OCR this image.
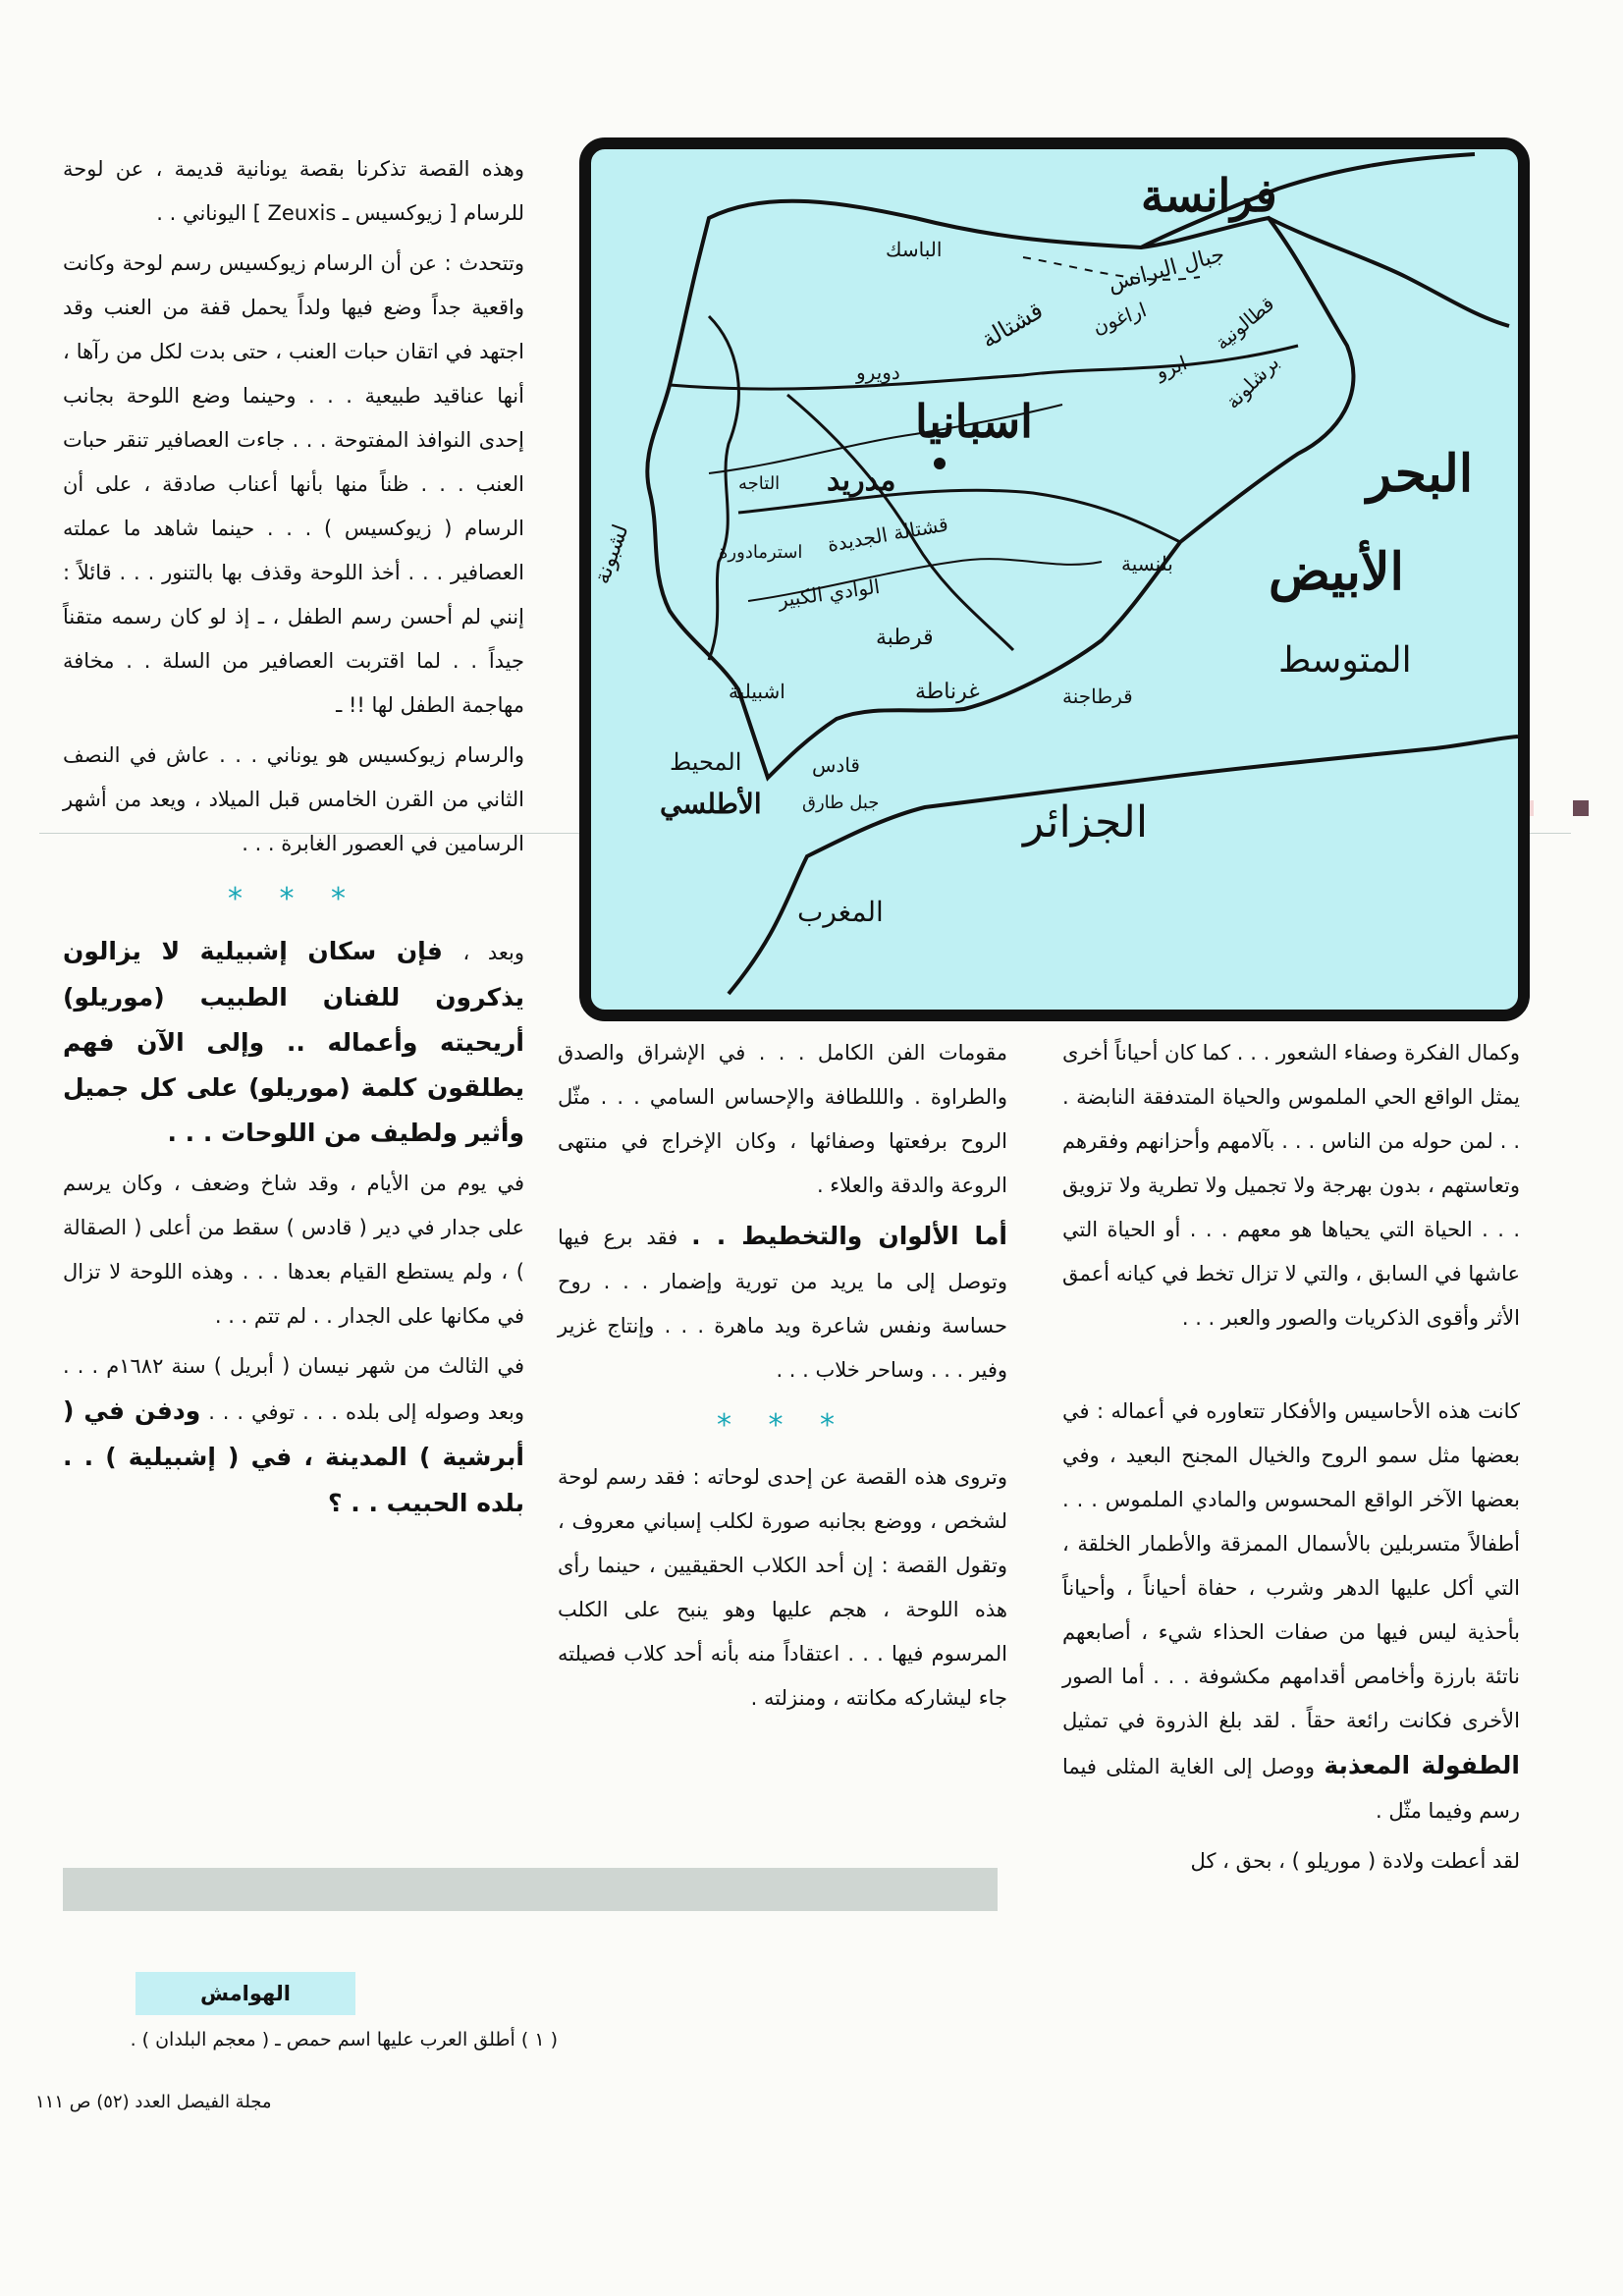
وهذه القصة تذكرنا بقصة يونانية قديمة ، عن لوحة للرسام [ زيوكسيس ـ Zeuxis ] اليوناني . .

وتتحدث : عن أن الرسام زيوكسيس رسم لوحة وكانت واقعية جداً وضع فيها ولداً يحمل قفة من العنب وقد اجتهد في اتقان حبات العنب ، حتى بدت لكل من رآها ، أنها عناقيد طبيعية . . . وحينما وضع اللوحة بجانب إحدى النوافذ المفتوحة . . . جاءت العصافير تنقر حبات العنب . . . ظناً منها بأنها أعناب صادقة ، على أن الرسام ( زيوكسيس ) . . . حينما شاهد ما عملته العصافير . . . أخذ اللوحة وقذف بها بالتنور . . . قائلاً : إنني لم أحسن رسم الطفل ، ـ إذ لو كان رسمه متقناً جيداً . . لما اقتربت العصافير من السلة . . مخافة مهاجمة الطفل لها !! ـ

والرسام زيوكسيس هو يوناني . . . عاش في النصف الثاني من القرن الخامس قبل الميلاد ، ويعد من أشهر الرسامين في العصور الغابرة . . .

* * *

وبعد ، فإن سكان إشبيلية لا يزالون يذكرون للفنان الطبيب (موريلو) أريحيته وأعماله .. وإلى الآن فهم يطلقون كلمة (موريلو) على كل جميل وأثير ولطيف من اللوحات . . .

في يوم من الأيام ، وقد شاخ وضعف ، وكان يرسم على جدار في دير ( قادس ) سقط من أعلى ( الصقالة ) ، ولم يستطع القيام بعدها . . . وهذه اللوحة لا تزال في مكانها على الجدار . . لم تتم . . .

في الثالث من شهر نيسان ( أبريل ) سنة ١٦٨٢م . . . وبعد وصوله إلى بلده . . . توفي . . . ودفن في ( أبرشية ) المدينة ، في ( إشبيلية ) . . بلده الحبيب . . ؟

فرانسة
جبال البرانس
الباسك
اراغون	قطالونية
برشلونة
قشتالة
ابرو
دويرو
اسبانيا
مدريد
التاجه
قشتالة الجديدة
استرمادورة
الوادي الكبير
بلنسية
لشبونة
قرطبة
اشبيلية	غرناطة	قرطاجنة
قادس
جبل طارق
البحر
الأبيض
المتوسط
المحيط
الأطلسي	الجزائر
المغرب

مقومات الفن الكامل . . . في الإشراق والصدق والطراوة . والللطافة والإحساس السامي . . . مثّل الروح برفعتها وصفائها ، وكان الإخراج في منتهى الروعة والدقة والعلاء .

أما الألوان والتخطيط . . فقد برع فيها وتوصل إلى ما يريد من تورية وإضمار . . . روح حساسة ونفس شاعرة ويد ماهرة . . . وإنتاج غزير وفير . . . وساحر خلاب . . .

* * *

وتروى هذه القصة عن إحدى لوحاته : فقد رسم لوحة لشخص ، ووضع بجانبه صورة لكلب إسباني معروف ، وتقول القصة : إن أحد الكلاب الحقيقيين ، حينما رأى هذه اللوحة ، هجم عليها وهو ينبح على الكلب المرسوم فيها . . . اعتقاداً منه بأنه أحد كلاب فصيلته جاء ليشاركه مكانته ، ومنزلته .

وكمال الفكرة وصفاء الشعور . . . كما كان أحياناً أخرى يمثل الواقع الحي الملموس والحياة المتدفقة النابضة . . . لمن حوله من الناس . . . بآلامهم وأحزانهم وفقرهم وتعاستهم ، بدون بهرجة ولا تجميل ولا تطرية ولا تزويق . . . الحياة التي يحياها هو معهم . . . أو الحياة التي عاشها في السابق ، والتي لا تزال تخط في كيانه أعمق الأثر وأقوى الذكريات والصور والعبر . . .

كانت هذه الأحاسيس والأفكار تتعاوره في أعماله : في بعضها مثل سمو الروح والخيال المجنح البعيد ، وفي بعضها الآخر الواقع المحسوس والمادي الملموس . . . أطفالاً متسربلين بالأسمال الممزقة والأطمار الخلقة ، التي أكل عليها الدهر وشرب ، حفاة أحياناً ، وأحياناً بأحذية ليس فيها من صفات الحذاء شيء ، أصابعهم ناتئة بارزة وأخامص أقدامهم مكشوفة . . . أما الصور الأخرى فكانت رائعة حقاً . لقد بلغ الذروة في تمثيل الطفولة المعذبة ووصل إلى الغاية المثلى فيما رسم وفيما مثّل .

لقد أعطت ولادة ( موريلو ) ، بحق ، كل

الهوامش
( ١ ) أطلق العرب عليها اسم حمص ـ ( معجم البلدان ) .
مجلة الفيصل العدد (٥٢) ص ١١١
